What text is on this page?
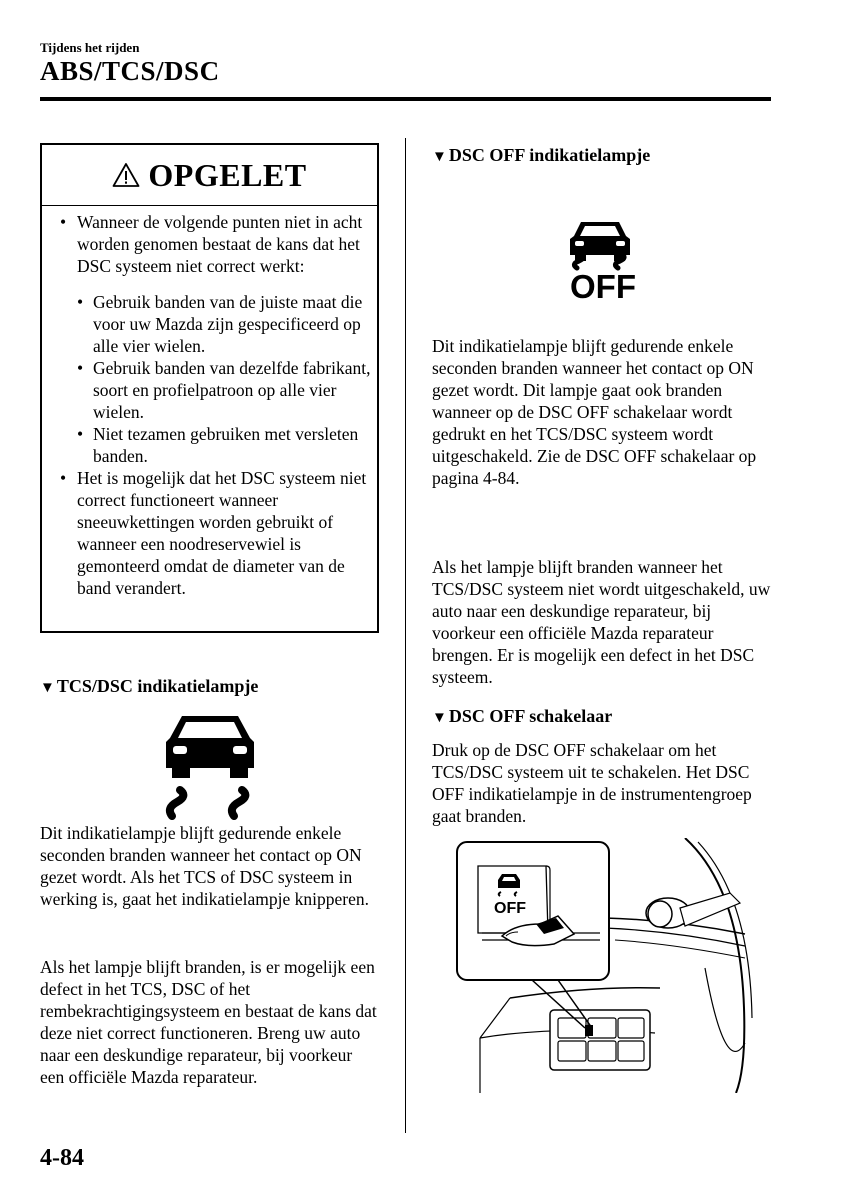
Tijdens het rijden
ABS/TCS/DSC
OPGELET
• Wanneer de volgende punten niet in acht worden genomen bestaat de kans dat het DSC systeem niet correct werkt:
• Gebruik banden van de juiste maat die voor uw Mazda zijn gespecificeerd op alle vier wielen.
• Gebruik banden van dezelfde fabrikant, soort en profielpatroon op alle vier wielen.
• Niet tezamen gebruiken met versleten banden.
• Het is mogelijk dat het DSC systeem niet correct functioneert wanneer sneeuwkettingen worden gebruikt of wanneer een noodreservewiel is gemonteerd omdat de diameter van de band verandert.
▼ TCS/DSC indikatielampje
Dit indikatielampje blijft gedurende enkele seconden branden wanneer het contact op ON gezet wordt. Als het TCS of DSC systeem in werking is, gaat het indikatielampje knipperen.
Als het lampje blijft branden, is er mogelijk een defect in het TCS, DSC of het rembekrachtigingsysteem en bestaat de kans dat deze niet correct functioneren. Breng uw auto naar een deskundige reparateur, bij voorkeur een officiële Mazda reparateur.
▼ DSC OFF indikatielampje
OFF
Dit indikatielampje blijft gedurende enkele seconden branden wanneer het contact op ON gezet wordt. Dit lampje gaat ook branden wanneer op de DSC OFF schakelaar wordt gedrukt en het TCS/DSC systeem wordt uitgeschakeld. Zie de DSC OFF schakelaar op pagina 4-84.
Als het lampje blijft branden wanneer het TCS/DSC systeem niet wordt uitgeschakeld, uw auto naar een deskundige reparateur, bij voorkeur een officiële Mazda reparateur brengen. Er is mogelijk een defect in het DSC systeem.
▼ DSC OFF schakelaar
Druk op de DSC OFF schakelaar om het TCS/DSC systeem uit te schakelen. Het DSC OFF indikatielampje in de instrumentengroep gaat branden.
OFF
4-84
